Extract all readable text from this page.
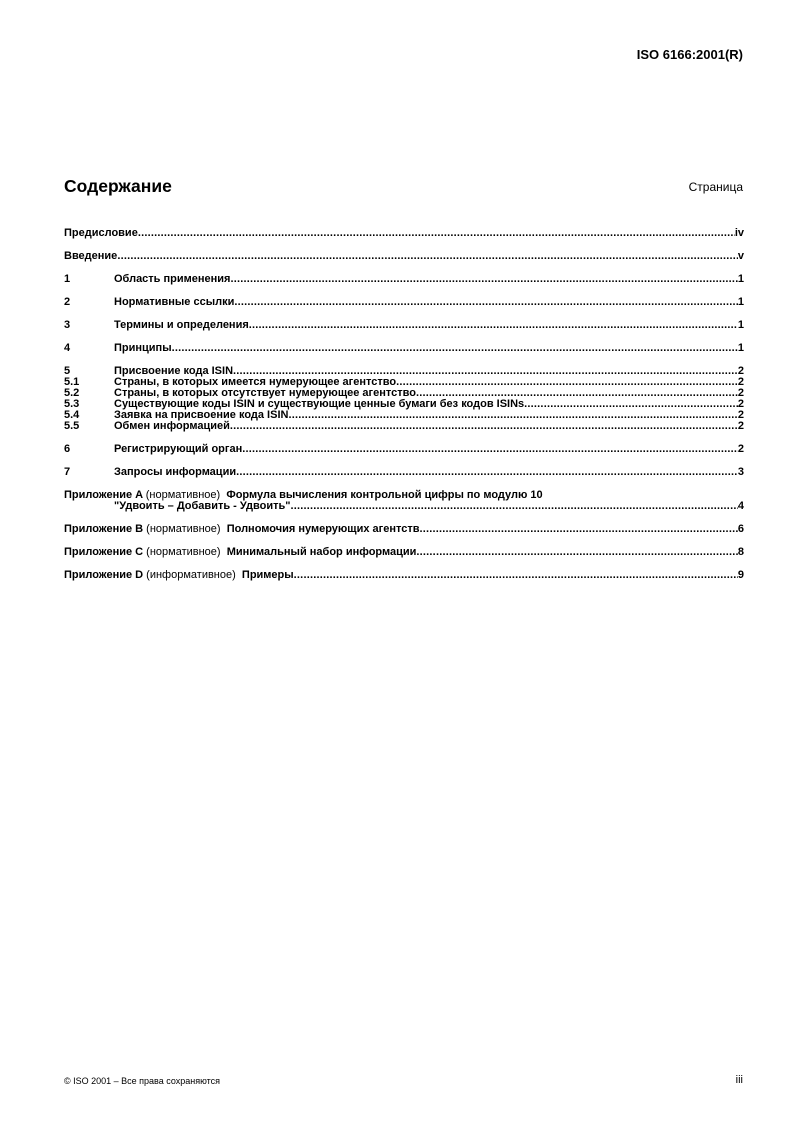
ISO 6166:2001(R)
Содержание	Страница
Предисловие .....	iv
Введение .....	v
1	Область применения .....	1
2	Нормативные ссылки .....	1
3	Термины и определения .....	1
4	Принципы .....	1
5	Присвоение кода ISIN .....	2
5.1	Страны, в которых имеется нумерующее агентство .....	2
5.2	Страны, в которых отсутствует нумерующее агентство .....	2
5.3	Существующие коды ISIN и существующие ценные бумаги без кодов ISINs .....	2
5.4	Заявка на присвоение кода ISIN .....	2
5.5	Обмен информацией .....	2
6	Регистрирующий орган .....	2
7	Запросы информации .....	3
Приложение A (нормативное) Формула вычисления контрольной цифры по модулю 10
"Удвоить – Добавить - Удвоить" .....	4
Приложение B (нормативное) Полномочия нумерующих агентств .....	6
Приложение C (нормативное) Минимальный набор информации .....	8
Приложение D (информативное) Примеры .....	9
© ISO 2001 – Все права сохраняются	iii
